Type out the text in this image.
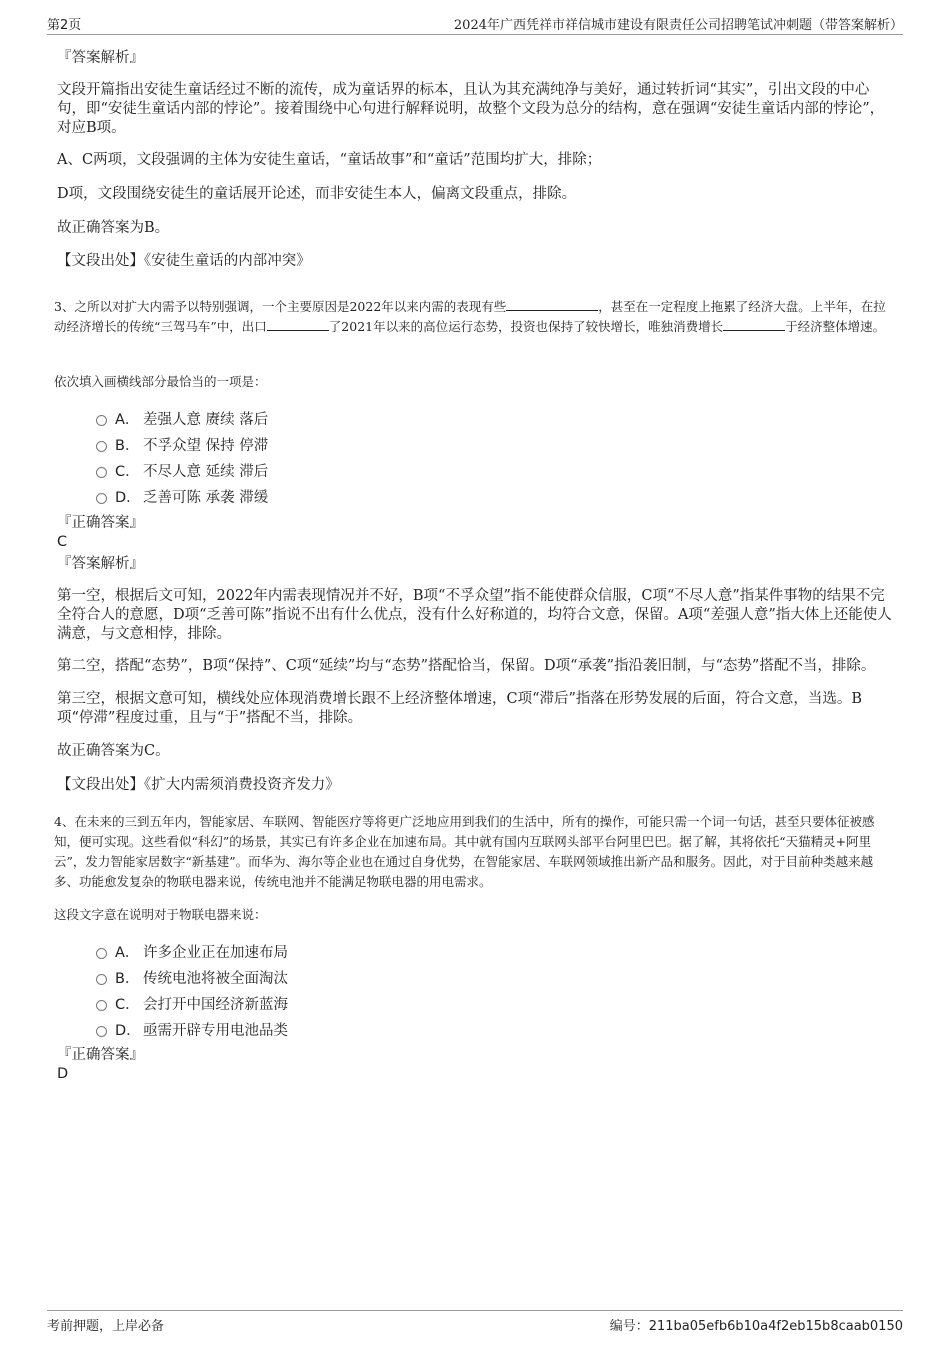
第2页	2024年广西凭祥市祥信城市建设有限责任公司招聘笔试冲刺题（带答案解析）
『答案解析』

文段开篇指出安徒生童话经过不断的流传，成为童话界的标本，且认为其充满纯净与美好，通过转折词“其实”，引出文段的中心句，即“安徒生童话内部的悖论”。接着围绕中心句进行解释说明，故整个文段为总分的结构，意在强调“安徒生童话内部的悖论”，对应B项。

A、C两项，文段强调的主体为安徒生童话，“童话故事”和“童话”范围均扩大，排除；

D项，文段围绕安徒生的童话展开论述，而非安徒生本人，偏离文段重点，排除。

故正确答案为B。

【文段出处】《安徒生童话的内部冲突》

3、之所以对扩大内需予以特别强调，一个主要原因是2022年以来内需的表现有些	，甚至在一定程度上拖累了经济大盘。上半年，在拉动经济增长的传统“三驾马车”中，出口	了2021年以来的高位运行态势，投资也保持了较快增长，唯独消费增长	于经济整体增速。

依次填入画横线部分最恰当的一项是：

A． 差强人意 赓续 落后
B． 不孚众望 保持 停滞
C． 不尽人意 延续 滞后
D． 乏善可陈 承袭 滞缓

『正确答案』

C

『答案解析』

第一空，根据后文可知，2022年内需表现情况并不好，B项“不孚众望”指不能使群众信服，C项“不尽人意”指某件事物的结果不完全符合人的意愿，D项“乏善可陈”指说不出有什么优点，没有什么好称道的，均符合文意，保留。A项“差强人意”指大体上还能使人满意，与文意相悖，排除。

第二空，搭配“态势”，B项“保持”、C项“延续”均与“态势”搭配恰当，保留。D项“承袭”指沿袭旧制，与“态势”搭配不当，排除。

第三空，根据文意可知，横线处应体现消费增长跟不上经济整体增速，C项“滞后”指落在形势发展的后面，符合文意，当选。B项“停滞”程度过重，且与“于”搭配不当，排除。

故正确答案为C。

【文段出处】《扩大内需须消费投资齐发力》

4、在未来的三到五年内，智能家居、车联网、智能医疗等将更广泛地应用到我们的生活中，所有的操作，可能只需一个词一句话，甚至只要体征被感知，便可实现。这些看似“科幻”的场景，其实已有许多企业在加速布局。其中就有国内互联网头部平台阿里巴巴。据了解，其将依托“天猫精灵+阿里云”，发力智能家居数字“新基建”。而华为、海尔等企业也在通过自身优势，在智能家居、车联网领域推出新产品和服务。因此，对于目前种类越来越多、功能愈发复杂的物联电器来说，传统电池并不能满足物联电器的用电需求。

这段文字意在说明对于物联电器来说：

A． 许多企业正在加速布局
B． 传统电池将被全面淘汰
C． 会打开中国经济新蓝海
D． 亟需开辟专用电池品类

『正确答案』

D

考前押题，上岸必备	编号：211ba05efb6b10a4f2eb15b8caab0150
